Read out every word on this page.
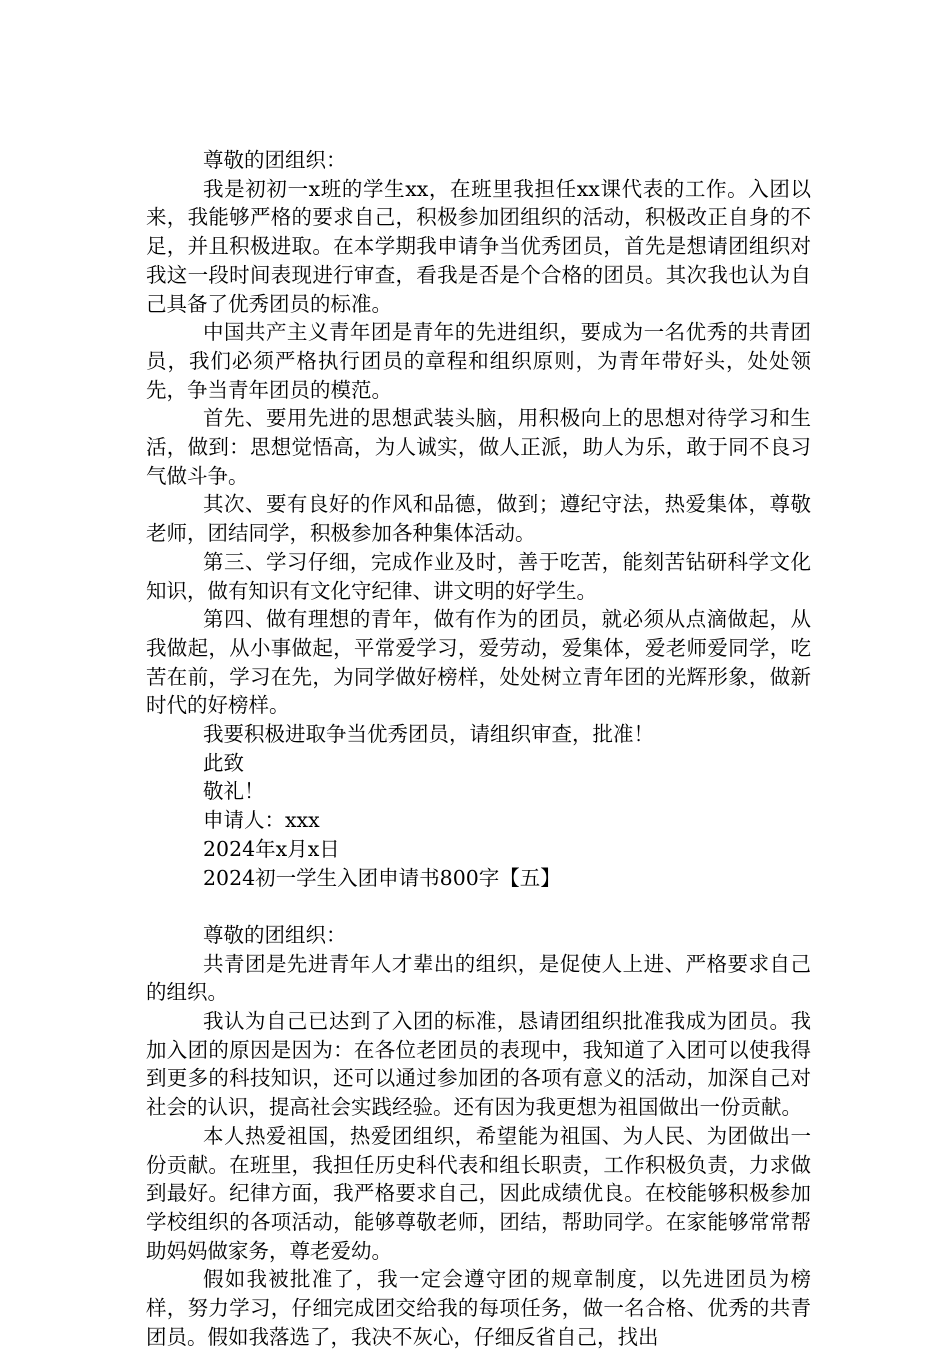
尊敬的团组织：

我是初初一x班的学生xx，在班里我担任xx课代表的工作。入团以来，我能够严格的要求自己，积极参加团组织的活动，积极改正自身的不足，并且积极进取。在本学期我申请争当优秀团员，首先是想请团组织对我这一段时间表现进行审查，看我是否是个合格的团员。其次我也认为自己具备了优秀团员的标准。

中国共产主义青年团是青年的先进组织，要成为一名优秀的共青团员，我们必须严格执行团员的章程和组织原则，为青年带好头，处处领先，争当青年团员的模范。

首先、要用先进的思想武装头脑，用积极向上的思想对待学习和生活，做到：思想觉悟高，为人诚实，做人正派，助人为乐，敢于同不良习气做斗争。

其次、要有良好的作风和品德，做到；遵纪守法，热爱集体，尊敬老师，团结同学，积极参加各种集体活动。

第三、学习仔细，完成作业及时，善于吃苦，能刻苦钻研科学文化知识，做有知识有文化守纪律、讲文明的好学生。

第四、做有理想的青年，做有作为的团员，就必须从点滴做起，从我做起，从小事做起，平常爱学习，爱劳动，爱集体，爱老师爱同学，吃苦在前，学习在先，为同学做好榜样，处处树立青年团的光辉形象，做新时代的好榜样。

我要积极进取争当优秀团员，请组织审查，批准！

此致

敬礼！

申请人：xxx

2024年x月x日

2024初一学生入团申请书800字【五】

尊敬的团组织：

共青团是先进青年人才辈出的组织，是促使人上进、严格要求自己的组织。

我认为自己已达到了入团的标准，恳请团组织批准我成为团员。我加入团的原因是因为：在各位老团员的表现中，我知道了入团可以使我得到更多的科技知识，还可以通过参加团的各项有意义的活动，加深自己对社会的认识，提高社会实践经验。还有因为我更想为祖国做出一份贡献。

本人热爱祖国，热爱团组织，希望能为祖国、为人民、为团做出一份贡献。在班里，我担任历史科代表和组长职责，工作积极负责，力求做到最好。纪律方面，我严格要求自己，因此成绩优良。在校能够积极参加学校组织的各项活动，能够尊敬老师，团结，帮助同学。在家能够常常帮助妈妈做家务，尊老爱幼。

假如我被批准了，我一定会遵守团的规章制度，以先进团员为榜样，努力学习，仔细完成团交给我的每项任务，做一名合格、优秀的共青团员。假如我落选了，我决不灰心，仔细反省自己，找出
